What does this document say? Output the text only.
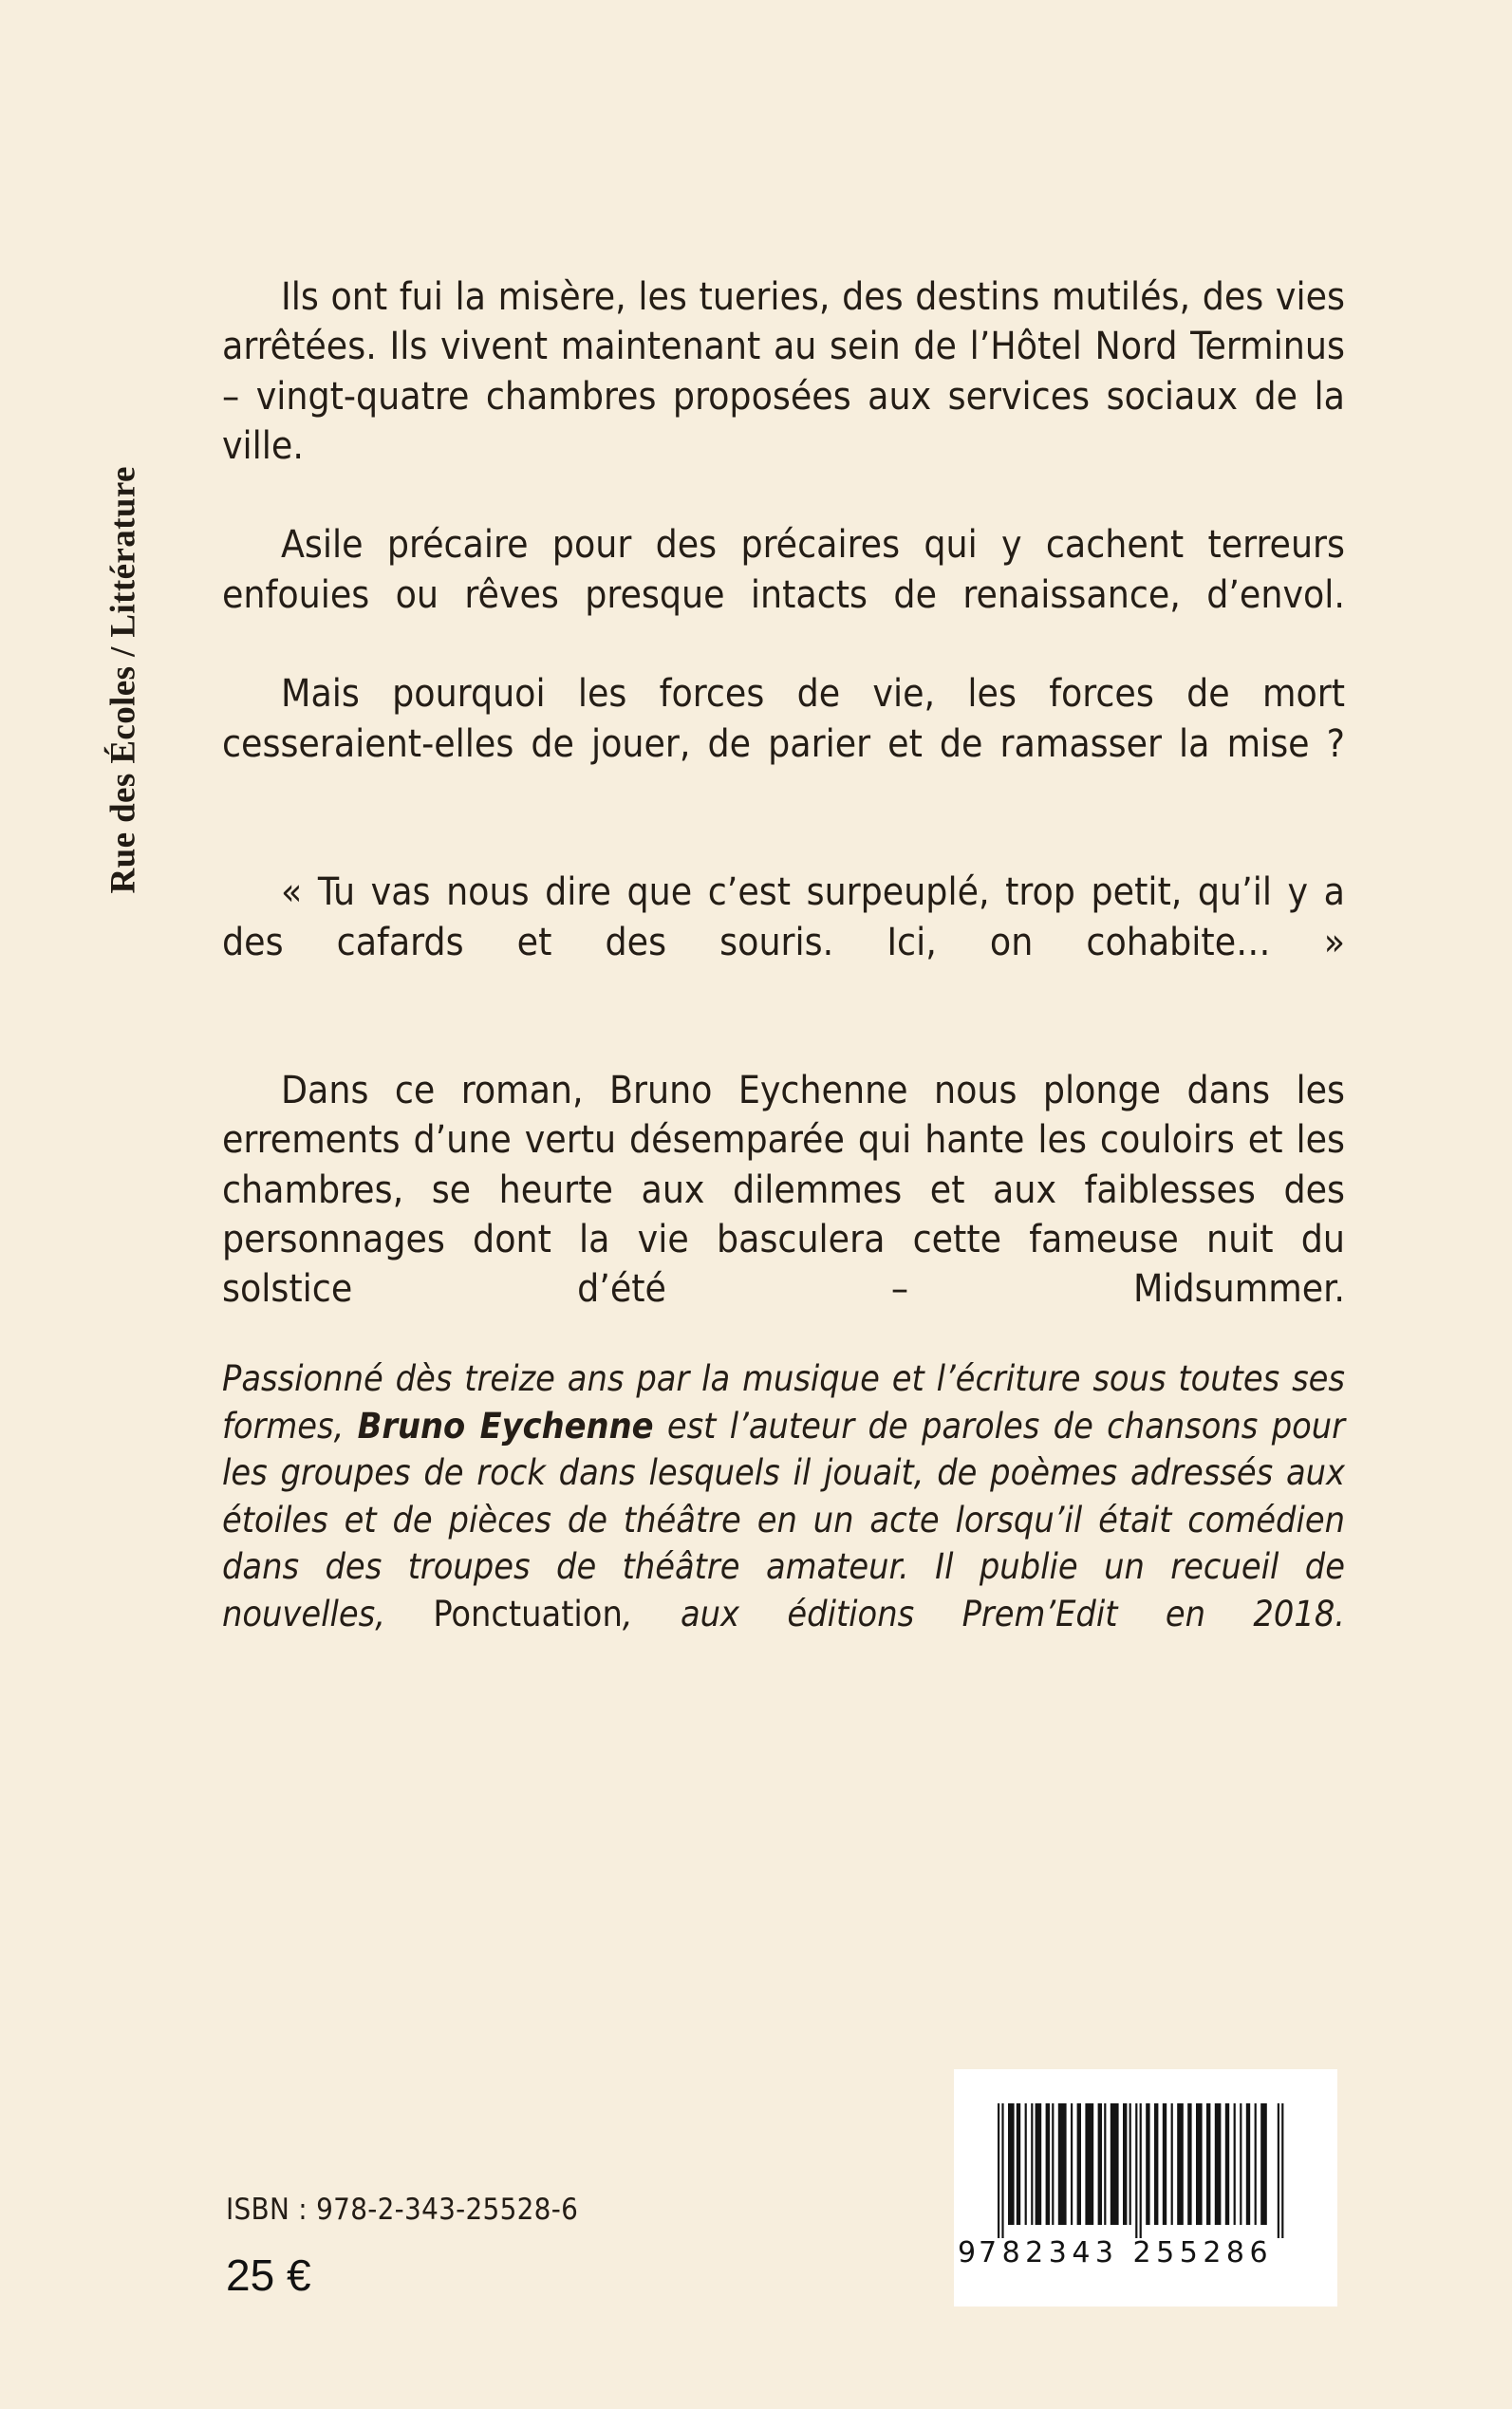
Rue des Écoles / Littérature

Ils ont fui la misère, les tueries, des destins mutilés, des vies arrêtées. Ils vivent maintenant au sein de l’Hôtel Nord Terminus – vingt-quatre chambres proposées aux services sociaux de la ville.

Asile précaire pour des précaires qui y cachent terreurs enfouies ou rêves presque intacts de renaissance, d’envol.

Mais pourquoi les forces de vie, les forces de mort cesseraient-elles de jouer, de parier et de ramasser la mise ?

« Tu vas nous dire que c’est surpeuplé, trop petit, qu’il y a des cafards et des souris. Ici, on cohabite… »

Dans ce roman, Bruno Eychenne nous plonge dans les errements d’une vertu désemparée qui hante les couloirs et les chambres, se heurte aux dilemmes et aux faiblesses des personnages dont la vie basculera cette fameuse nuit du solstice d’été – Midsummer.

Passionné dès treize ans par la musique et l’écriture sous toutes ses formes, Bruno Eychenne est l’auteur de paroles de chansons pour les groupes de rock dans lesquels il jouait, de poèmes adressés aux étoiles et de pièces de théâtre en un acte lorsqu’il était comédien dans des troupes de théâtre amateur. Il publie un recueil de nouvelles, Ponctuation, aux éditions Prem’Edit en 2018.

ISBN : 978-2-343-25528-6
25 €	782343 255286
9
